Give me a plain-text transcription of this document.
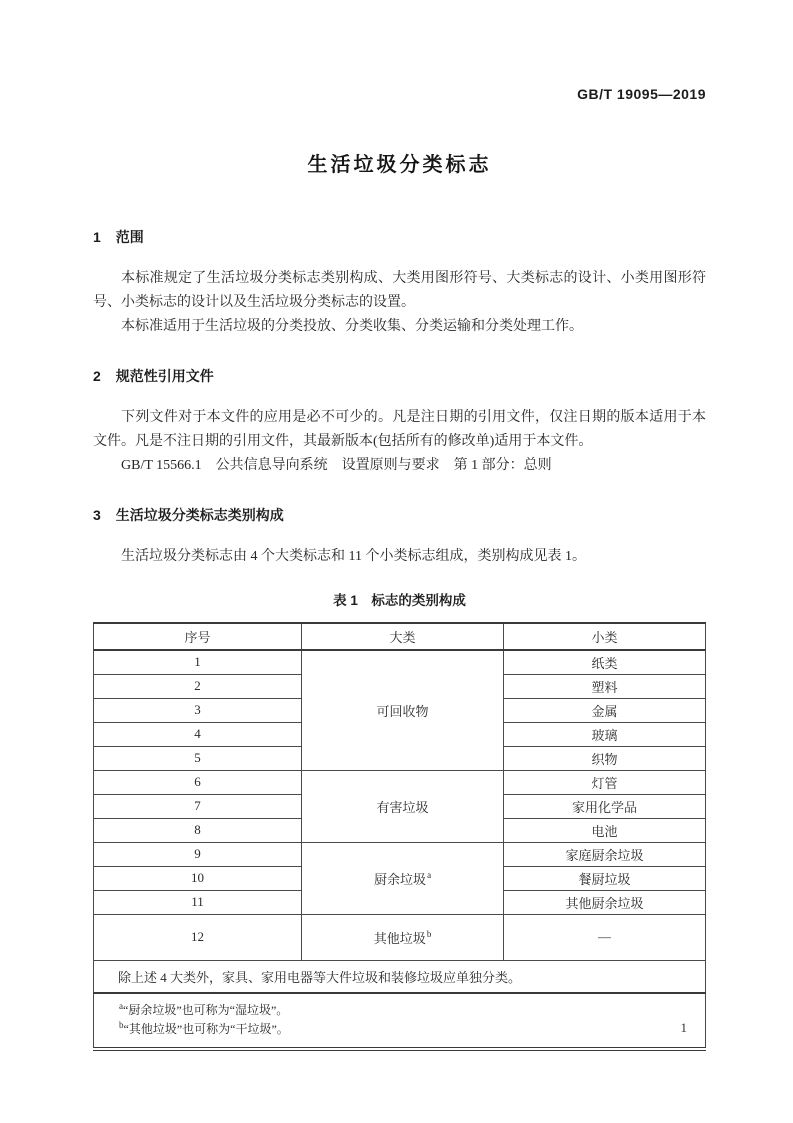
GB/T 19095—2019
生活垃圾分类标志
1 范围

本标准规定了生活垃圾分类标志类别构成、大类用图形符号、大类标志的设计、小类用图形符号、小类标志的设计以及生活垃圾分类标志的设置。

本标准适用于生活垃圾的分类投放、分类收集、分类运输和分类处理工作。

2 规范性引用文件

下列文件对于本文件的应用是必不可少的。凡是注日期的引用文件，仅注日期的版本适用于本文件。凡是不注日期的引用文件，其最新版本(包括所有的修改单)适用于本文件。

GB/T 15566.1　公共信息导向系统　设置原则与要求　第 1 部分：总则

3 生活垃圾分类标志类别构成

生活垃圾分类标志由 4 个大类标志和 11 个小类标志组成，类别构成见表 1。

表 1　标志的类别构成
序号	大类	小类
1	可回收物	纸类
2		塑料
3		金属
4		玻璃
5		织物
6	有害垃圾	灯管
7		家用化学品
8		电池
9	厨余垃圾$^a$	家庭厨余垃圾
10		餐厨垃圾
11		其他厨余垃圾
12	其他垃圾$^b$	—
除上述 4 大类外，家具、家用电器等大件垃圾和装修垃圾应单独分类。		

$^a$“厨余垃圾”也可称为“湿垃圾”。
$^b$“其他垃圾”也可称为“干垃圾”。			1
